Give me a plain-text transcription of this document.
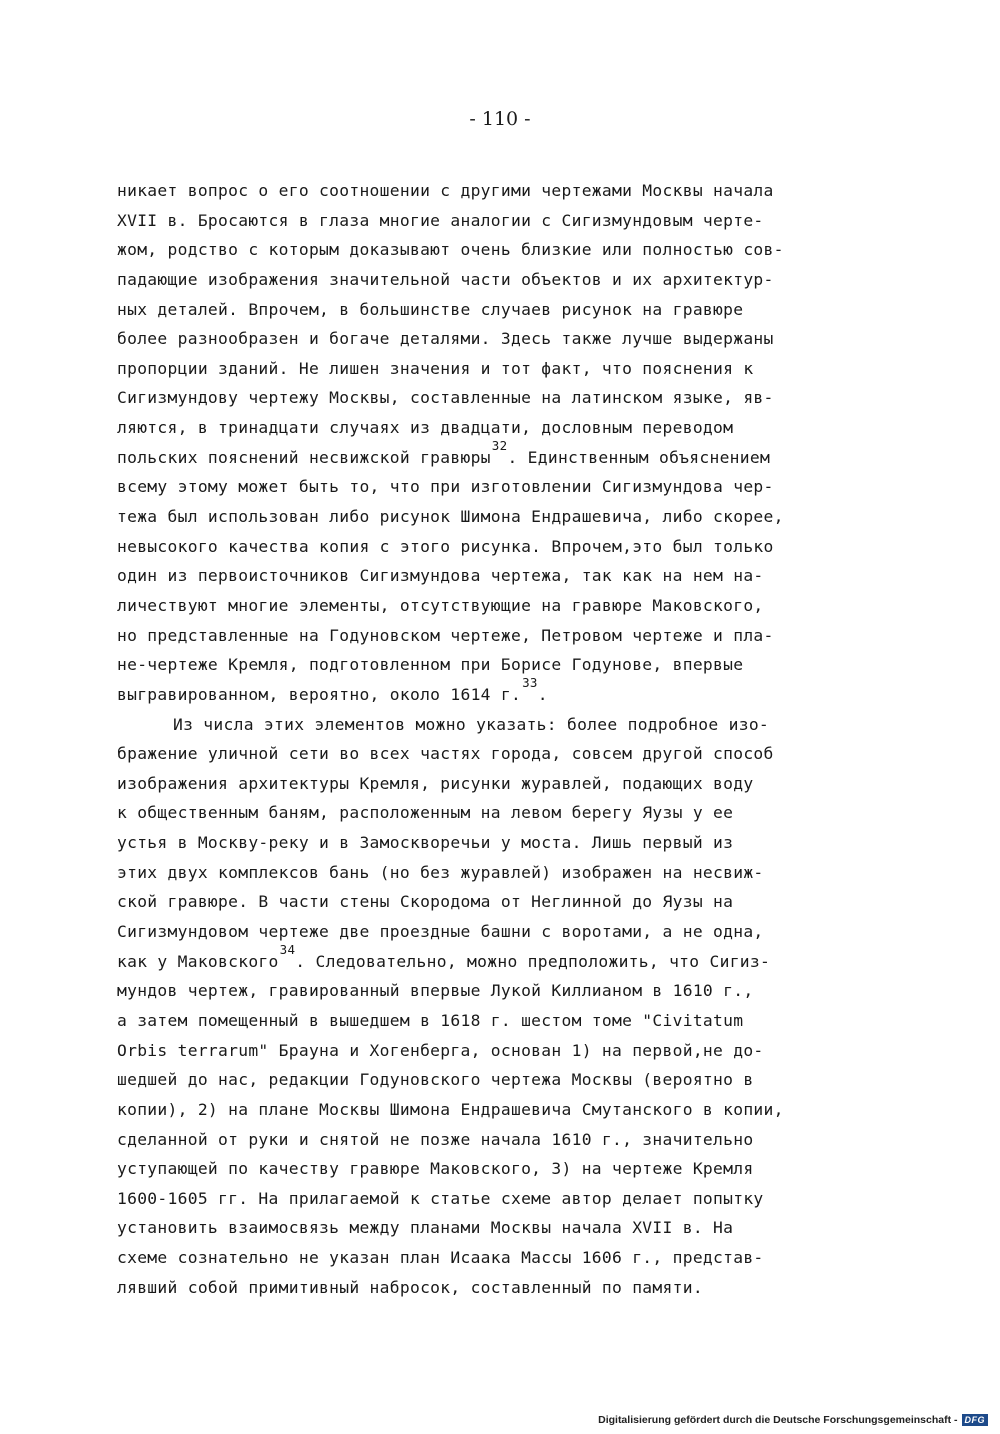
- 110 -
никает вопрос о его соотношении с другими чертежами Москвы начала
XVII в. Бросаются в глаза многие аналогии с Сигизмундовым черте-
жом, родство с которым доказывают очень близкие или полностью сов-
падающие изображения значительной части объектов и их архитектур-
ных деталей. Впрочем, в большинстве случаев рисунок на гравюре
более разнообразен и богаче деталями. Здесь также лучше выдержаны
пропорции зданий. Не лишен значения и тот факт, что пояснения к
Сигизмундову чертежу Москвы, составленные на латинском языке, яв-
ляются, в тринадцати случаях из двадцати, дословным переводом
польских пояснений несвижской гравюры
$^{32}$
. Единственным объяснением
всему этому может быть то, что при изготовлении Сигизмундова чер-
тежа был использован либо рисунок Шимона Ендрашевича, либо скорее,
невысокого качества копия с этого рисунка. Впрочем,это был только
один из первоисточников Сигизмундова чертежа, так как на нем на-
личествуют многие элементы, отсутствующие на гравюре Маковского,
но представленные на Годуновском чертеже, Петровом чертеже и пла-
не-чертеже Кремля, подготовленном при Борисе Годунове, впервые
выгравированном, вероятно, около 1614 г.
$^{33}$
.
Из числа этих элементов можно указать: более подробное изо-
бражение уличной сети во всех частях города, совсем другой способ
изображения архитектуры Кремля, рисунки журавлей, подающих воду
к общественным баням, расположенным на левом берегу Яузы у ее
устья в Москву-реку и в Замоскворечьи у моста. Лишь первый из
этих двух комплексов бань (но без журавлей) изображен на несвиж-
ской гравюре. В части стены Скородома от Неглинной до Яузы на
Сигизмундовом чертеже две проездные башни с воротами, а не одна,
как у Маковского
$^{34}$
. Следовательно, можно предположить, что Сигиз-
мундов чертеж, гравированный впервые Лукой Киллианом в 1610 г.,
а затем помещенный в вышедшем в 1618 г. шестом томе "Civitatum
Orbis terrarum" Брауна и Хогенберга, основан 1) на первой,не до-
шедшей до нас, редакции Годуновского чертежа Москвы (вероятно в
копии), 2) на плане Москвы Шимона Ендрашевича Смутанского в копии,
сделанной от руки и снятой не позже начала 1610 г., значительно
уступающей по качеству гравюре Маковского, 3) на чертеже Кремля
1600-1605 гг. На прилагаемой к статье схеме автор делает попытку
установить взаимосвязь между планами Москвы начала XVII в. На
схеме сознательно не указан план Исаака Массы 1606 г., представ-
лявший собой примитивный набросок, составленный по памяти.
Digitalisierung gefördert durch die Deutsche Forschungsgemeinschaft - DFG
